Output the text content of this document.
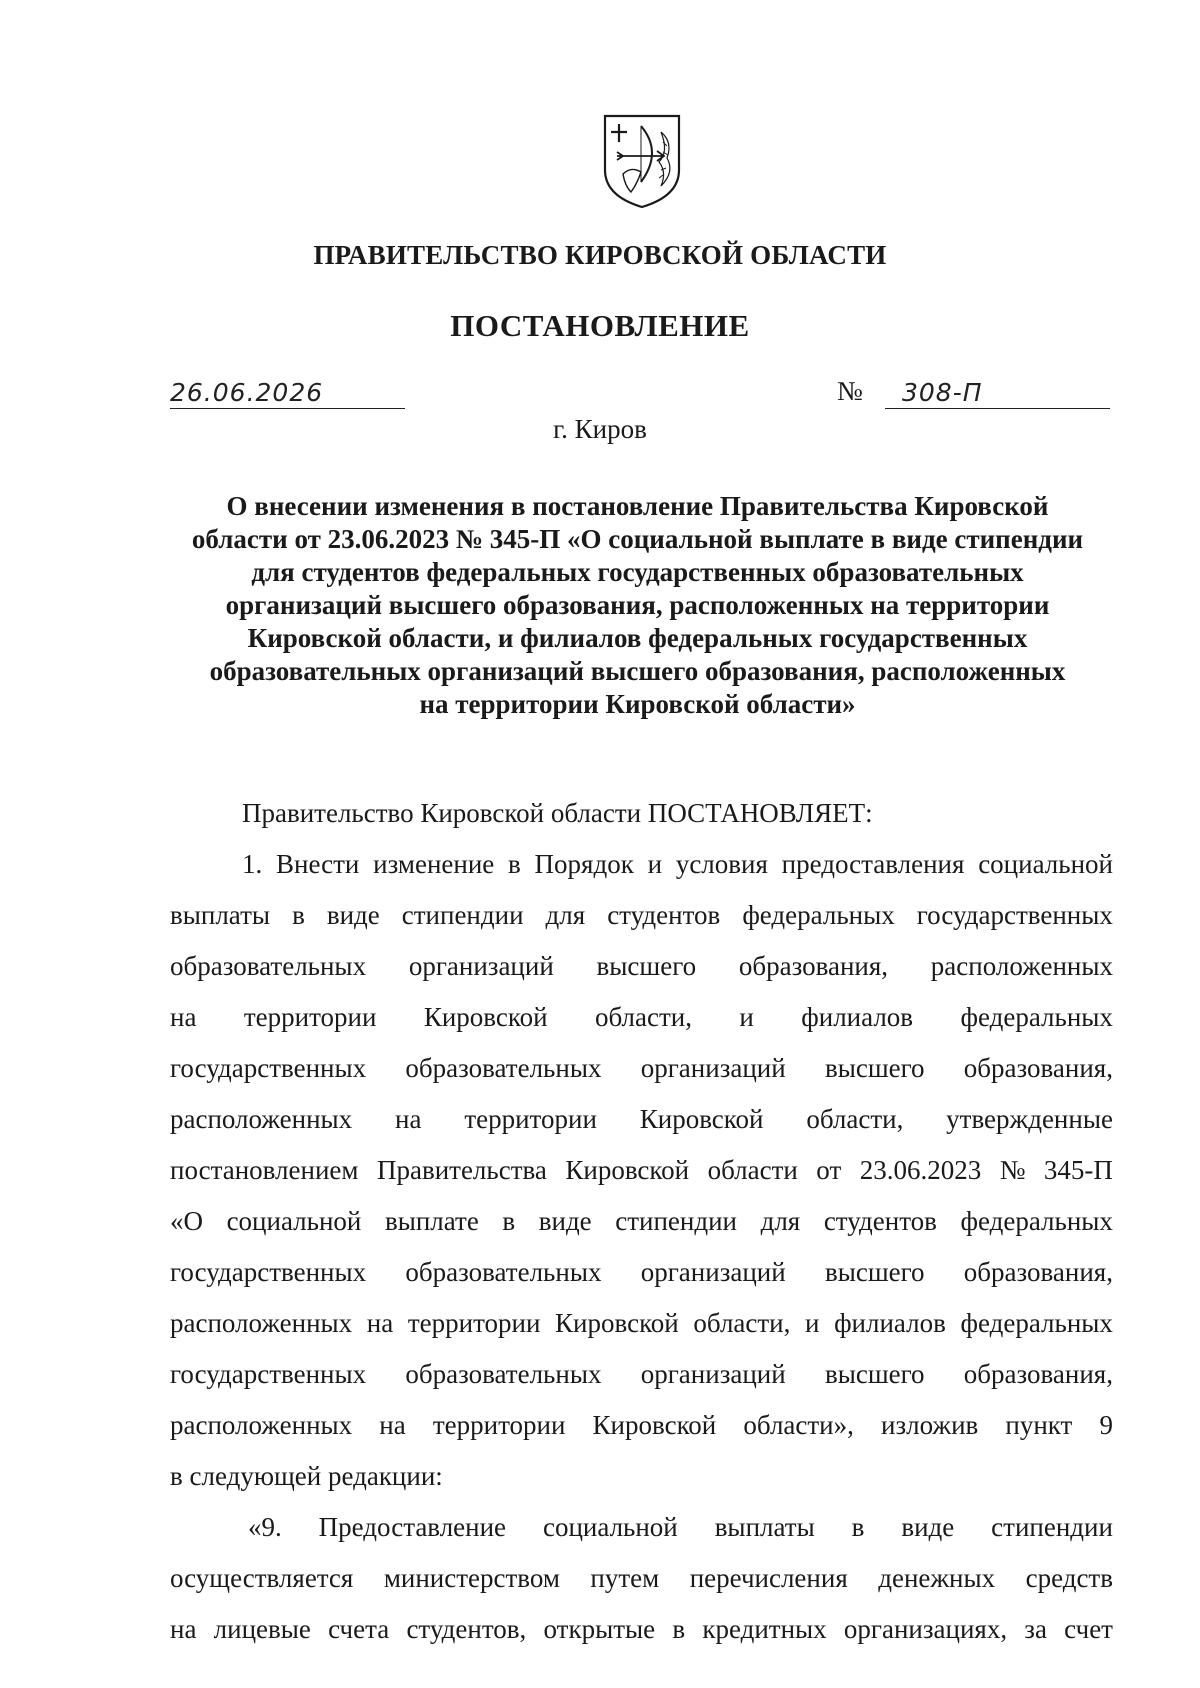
ПРАВИТЕЛЬСТВО КИРОВСКОЙ ОБЛАСТИ
ПОСТАНОВЛЕНИЕ
26.06.2026	№ 308-П
г. Киров
О внесении изменения в постановление Правительства Кировской
области от 23.06.2023 № 345-П «О социальной выплате в виде стипендии
для студентов федеральных государственных образовательных
организаций высшего образования, расположенных на территории
Кировской области, и филиалов федеральных государственных
образовательных организаций высшего образования, расположенных
на территории Кировской области»
Правительство Кировской области ПОСТАНОВЛЯЕТ:
1. Внести изменение в Порядок и условия предоставления социальной
выплаты в виде стипендии для студентов федеральных государственных
образовательных организаций высшего образования, расположенных
на территории Кировской области, и филиалов федеральных
государственных образовательных организаций высшего образования,
расположенных на территории Кировской области, утвержденные
постановлением Правительства Кировской области от 23.06.2023 № 345-П
«О социальной выплате в виде стипендии для студентов федеральных
государственных образовательных организаций высшего образования,
расположенных на территории Кировской области, и филиалов федеральных
государственных образовательных организаций высшего образования,
расположенных на территории Кировской области», изложив пункт 9
в следующей редакции:
«9. Предоставление социальной выплаты в виде стипендии
осуществляется министерством путем перечисления денежных средств
на лицевые счета студентов, открытые в кредитных организациях, за счет
